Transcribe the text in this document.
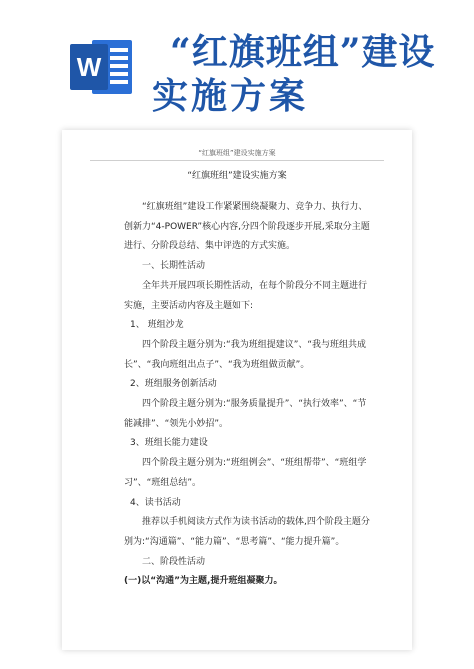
W “红旗班组”建设
实施方案
“红旗班组”建设实施方案
“红旗班组”建设实施方案

“红旗班组”建设工作紧紧围绕凝聚力、竞争力、执行力、创新力“4-POWER”核心内容,分四个阶段逐步开展,采取分主题进行、分阶段总结、集中评选的方式实施。

一、长期性活动

全年共开展四项长期性活动，在每个阶段分不同主题进行实施，主要活动内容及主题如下:

1、 班组沙龙

四个阶段主题分别为:“我为班组提建议”、“我与班组共成长”、“我向班组出点子”、“我为班组做贡献”。

2、班组服务创新活动

四个阶段主题分别为:“服务质量提升”、“执行效率”、“节能减排”、“领先小妙招”。

3、班组长能力建设

四个阶段主题分别为:“班组例会”、“班组帮带”、“班组学习”、“班组总结”。

4、读书活动

推荐以手机阅读方式作为读书活动的载体,四个阶段主题分别为:“沟通篇”、“能力篇”、“思考篇”、“能力提升篇”。

二、阶段性活动

(一)以“沟通”为主题,提升班组凝聚力。
